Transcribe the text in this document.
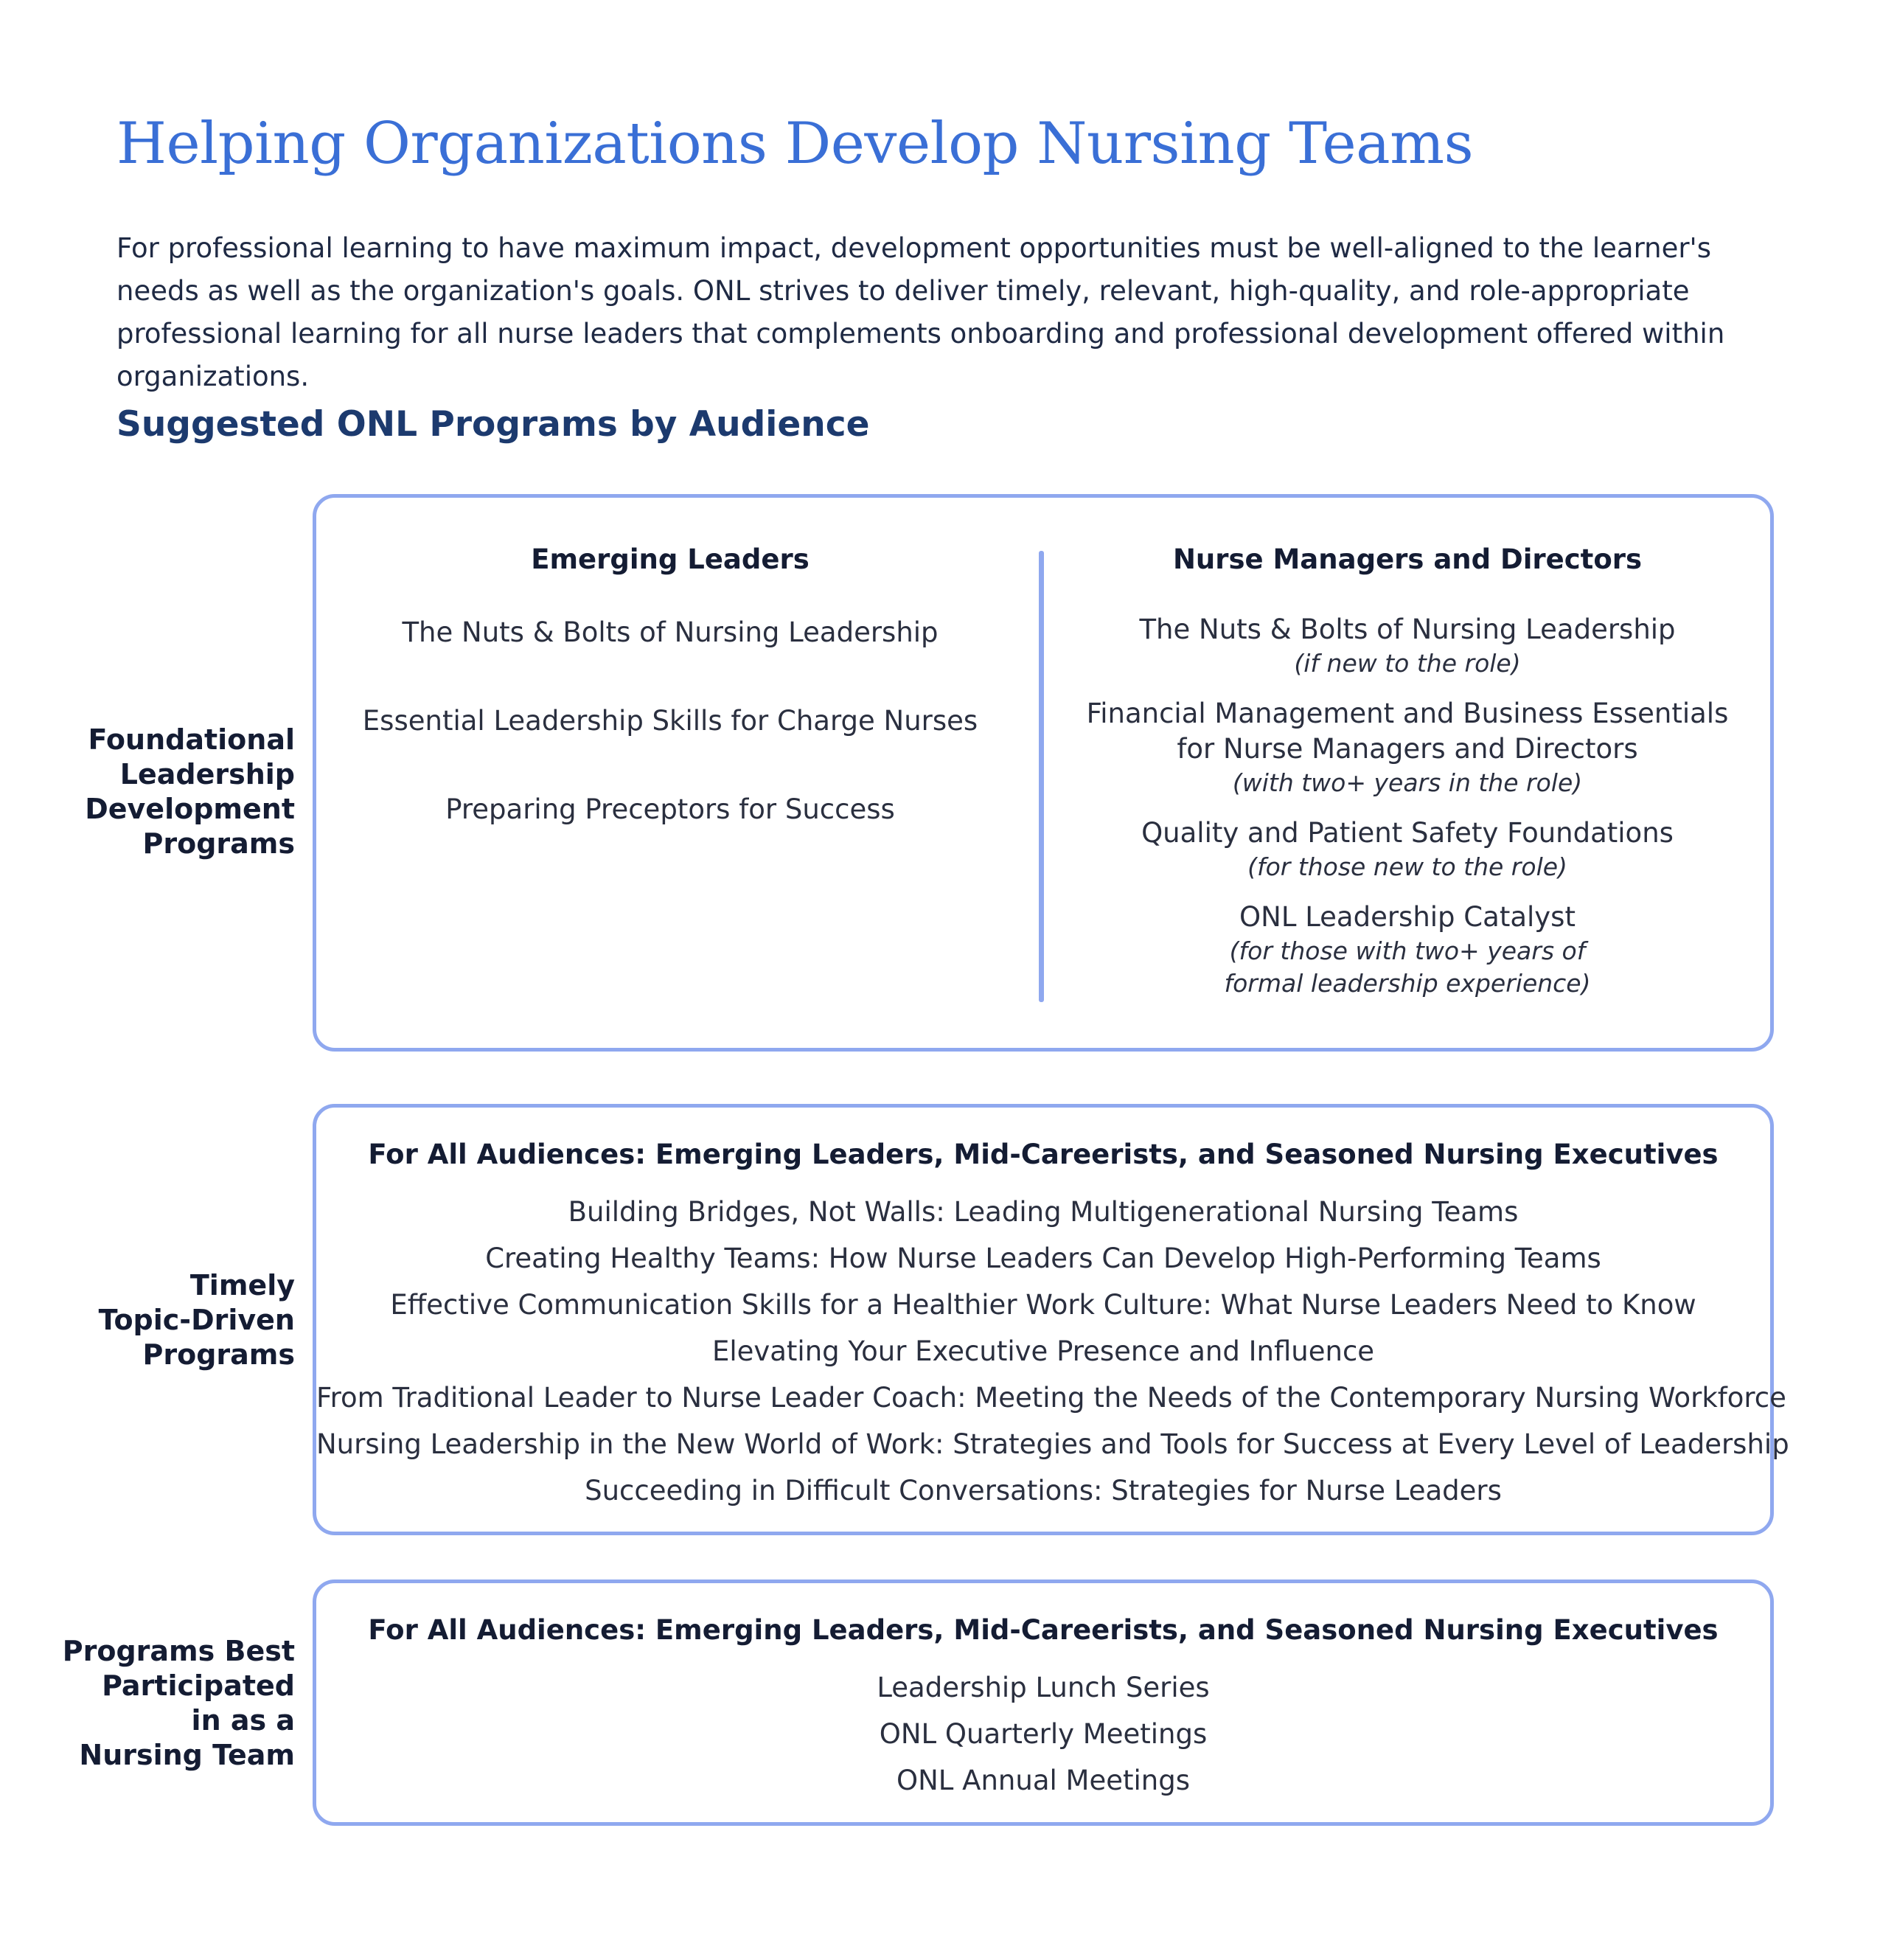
Helping Organizations Develop Nursing Teams

For professional learning to have maximum impact, development opportunities must be well-aligned to the learner's needs as well as the organization's goals. ONL strives to deliver timely, relevant, high-quality, and role-appropriate professional learning for all nurse leaders that complements onboarding and professional development offered within organizations.

Suggested ONL Programs by Audience
Foundational
Leadership
Development
Programs
Emerging Leaders
The Nuts & Bolts of Nursing Leadership
Essential Leadership Skills for Charge Nurses
Preparing Preceptors for Success
Nurse Managers and Directors
The Nuts & Bolts of Nursing Leadership
(if new to the role)
Financial Management and Business Essentials
for Nurse Managers and Directors
(with two+ years in the role)
Quality and Patient Safety Foundations
(for those new to the role)
ONL Leadership Catalyst
(for those with two+ years of
formal leadership experience)
Timely
Topic-Driven
Programs
For All Audiences: Emerging Leaders, Mid-Careerists, and Seasoned Nursing Executives
Building Bridges, Not Walls: Leading Multigenerational Nursing Teams
Creating Healthy Teams: How Nurse Leaders Can Develop High-Performing Teams
Effective Communication Skills for a Healthier Work Culture: What Nurse Leaders Need to Know
Elevating Your Executive Presence and Influence
From Traditional Leader to Nurse Leader Coach: Meeting the Needs of the Contemporary Nursing Workforce
Nursing Leadership in the New World of Work: Strategies and Tools for Success at Every Level of Leadership
Succeeding in Difficult Conversations: Strategies for Nurse Leaders
Programs Best
Participated
in as a
Nursing Team
For All Audiences: Emerging Leaders, Mid-Careerists, and Seasoned Nursing Executives
Leadership Lunch Series
ONL Quarterly Meetings
ONL Annual Meetings
